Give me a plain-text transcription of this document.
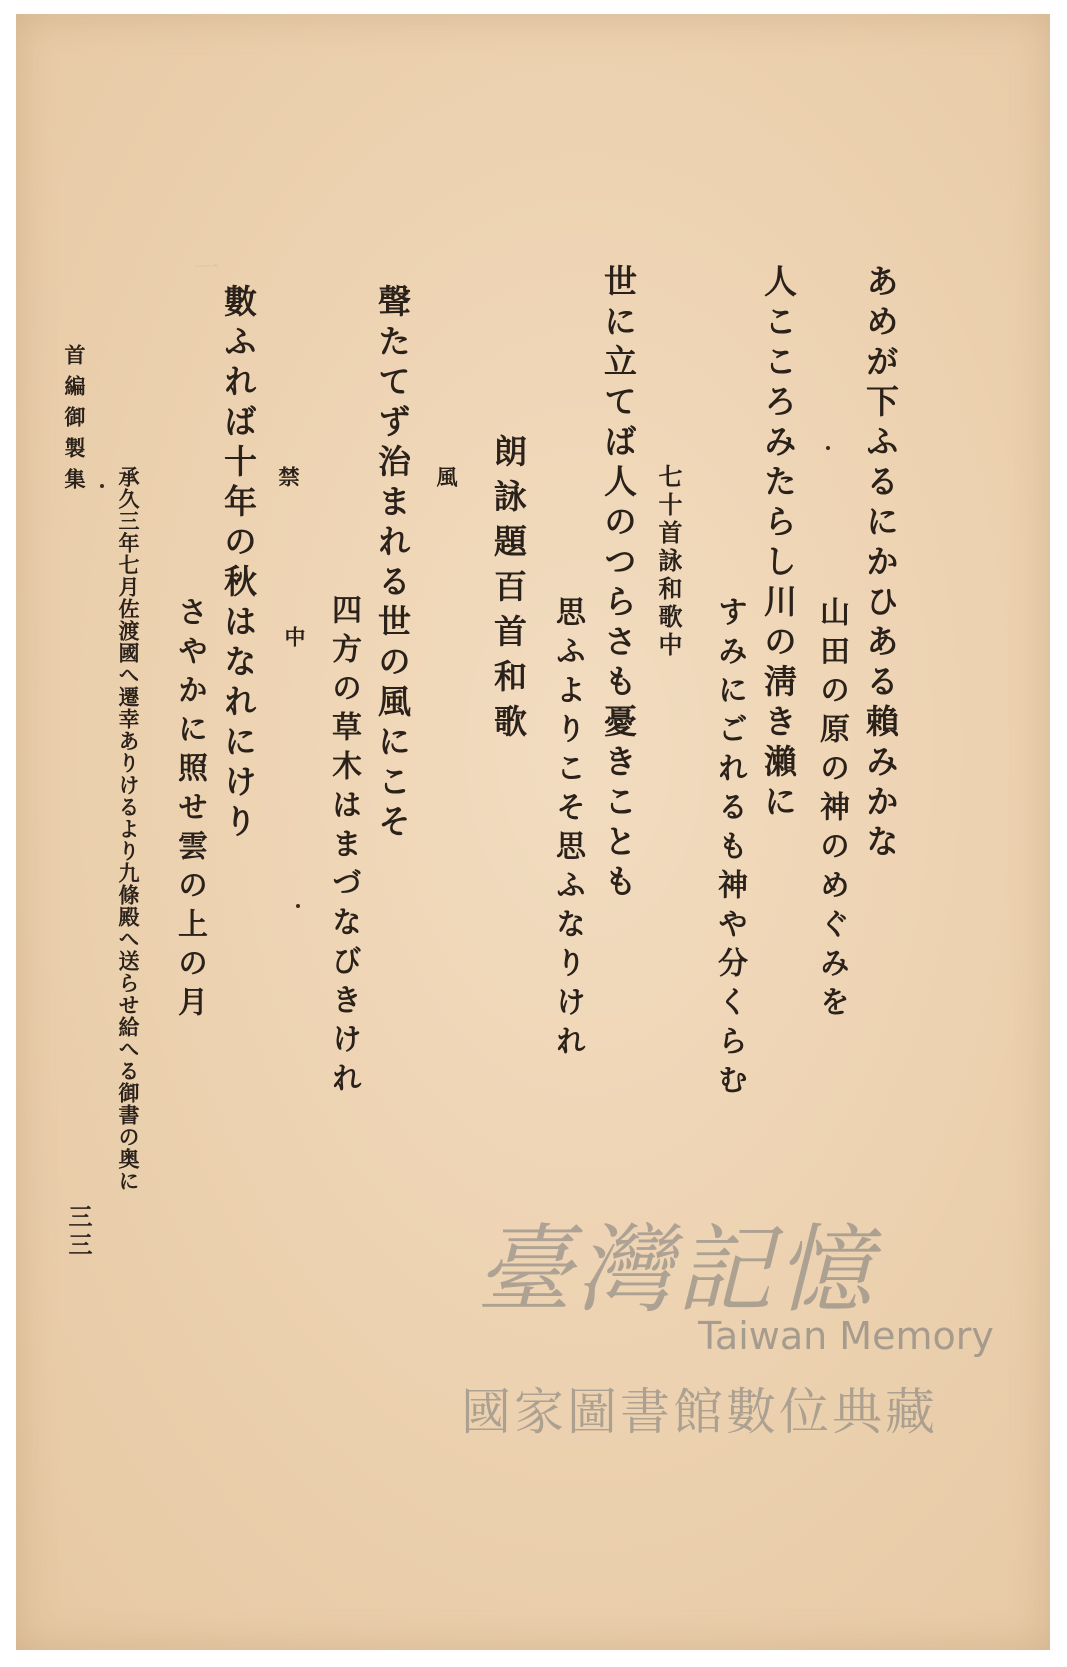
一	あめが下ふるにかひある賴みかな
山田の原の神のめぐみを
人こころみたらし川の淸き瀨に
すみにごれるも神や分くらむ
七十首詠和歌中
世に立てば人のつらさも憂きことも
思ふよりこそ思ふなりけれ
朗詠題百首和歌
風
聲たてず治まれる世の風にこそ
四方の草木はまづなびきけれ
禁
中
數ふれば十年の秋はなれにけり
さやかに照せ雲の上の月
承久三年七月佐渡國へ遷幸ありけるより九條殿へ送らせ給へる御書の奥に
首編御製集
三三	臺灣記憶
Taiwan Memory
國家圖書館數位典藏
